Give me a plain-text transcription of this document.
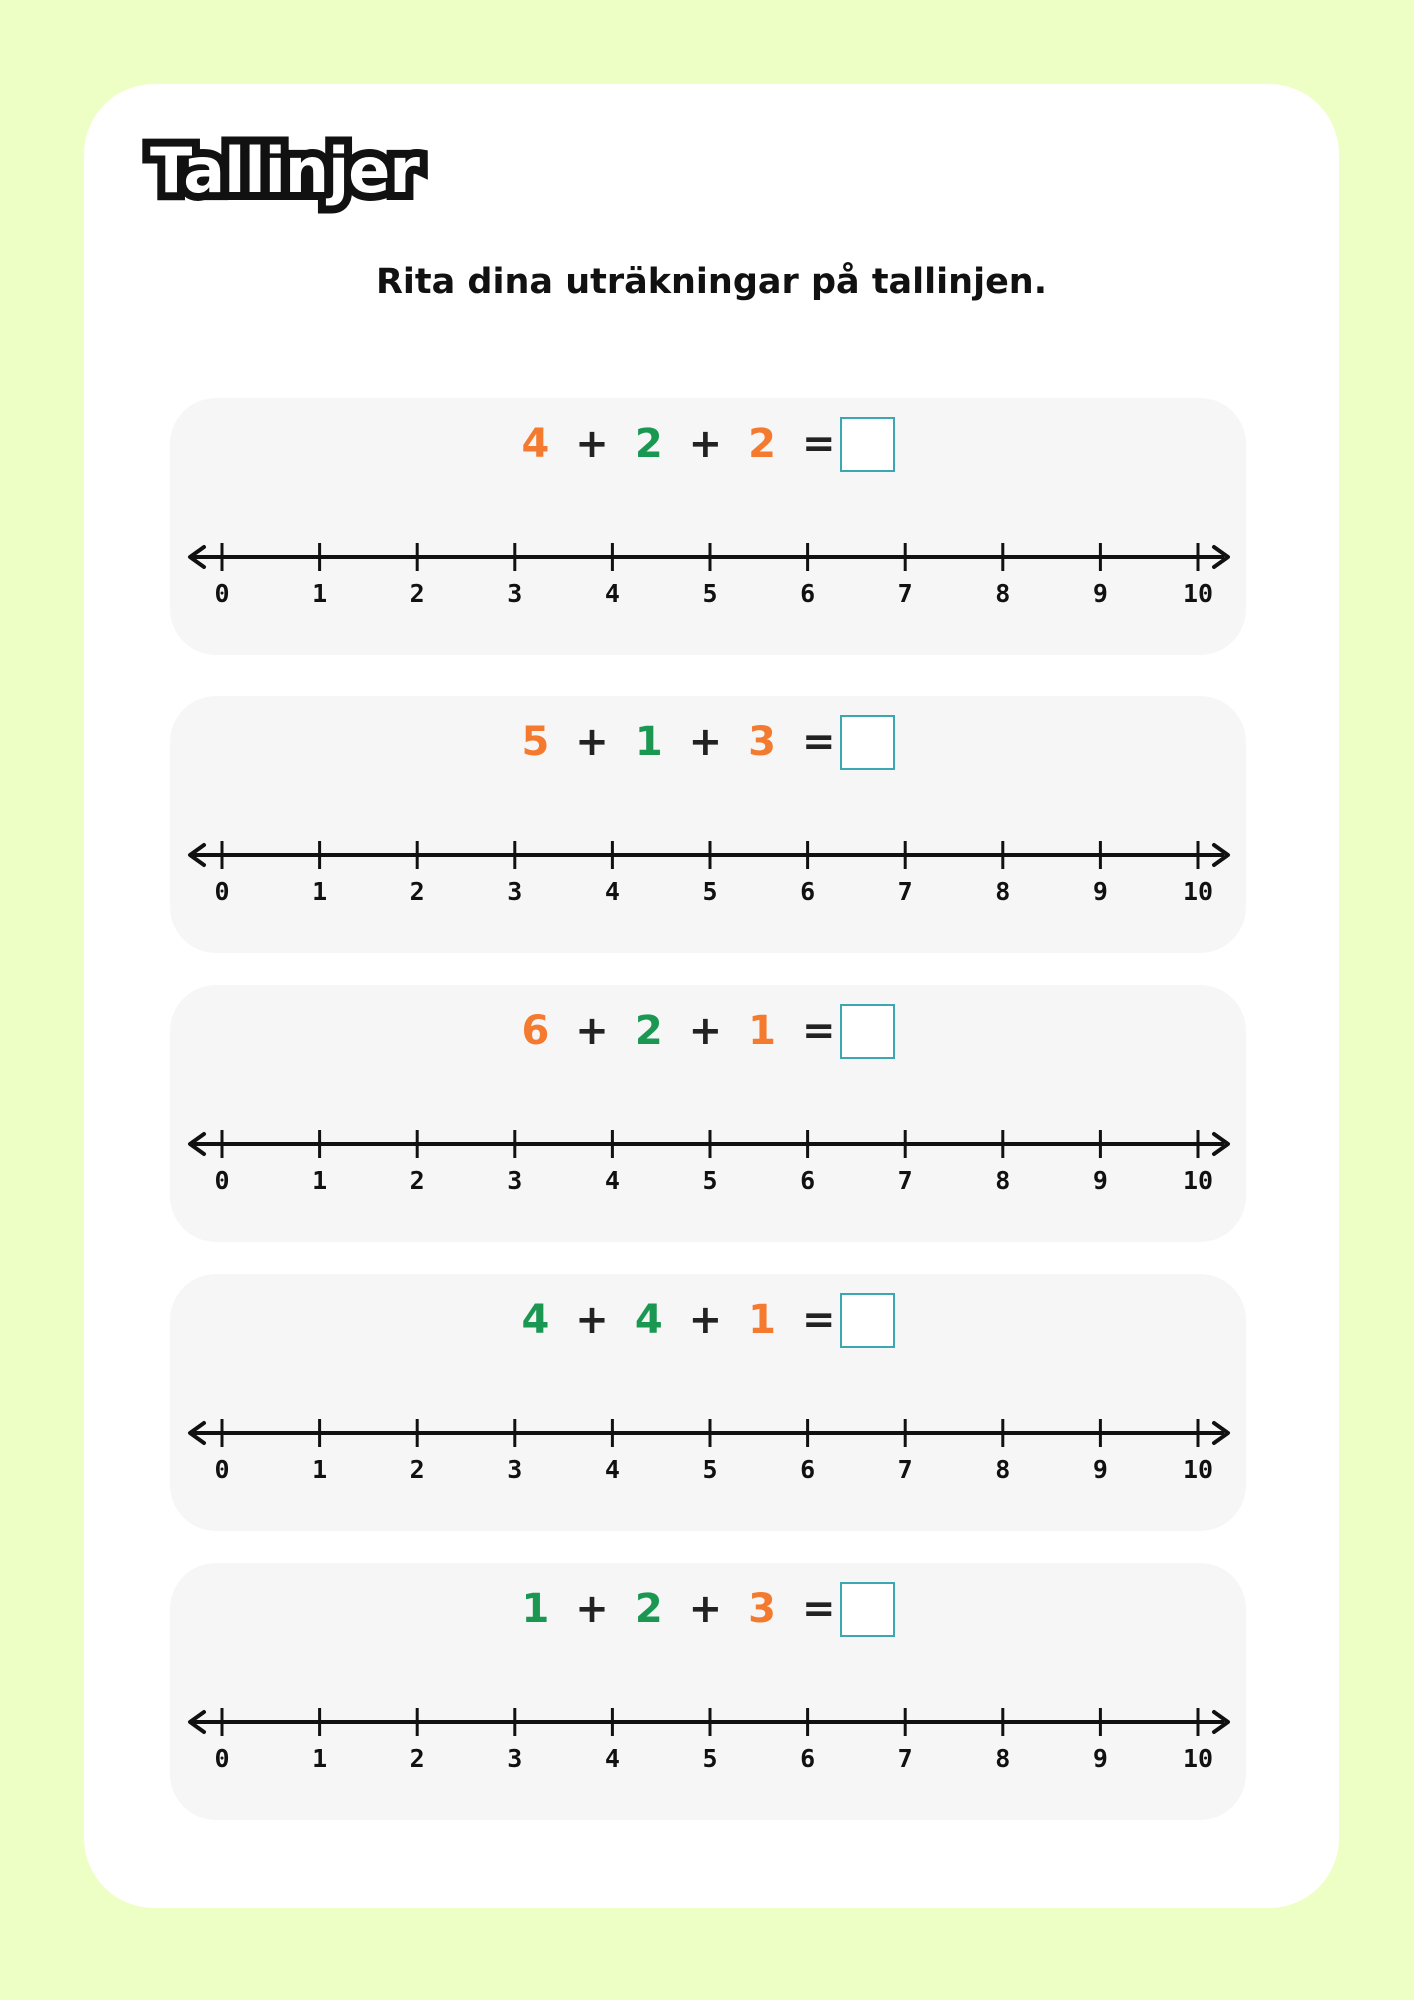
Tallinjer

Rita dina uträkningar på tallinjen.

4 + 2 + 2 =
0	1	2	3	4	5	6	7	8	9	10
5 + 1 + 3 =
0	1	2	3	4	5	6	7	8	9	10
6 + 2 + 1 =
0	1	2	3	4	5	6	7	8	9	10
4 + 4 + 1 =
0	1	2	3	4	5	6	7	8	9	10
1 + 2 + 3 =
0	1	2	3	4	5	6	7	8	9	10
